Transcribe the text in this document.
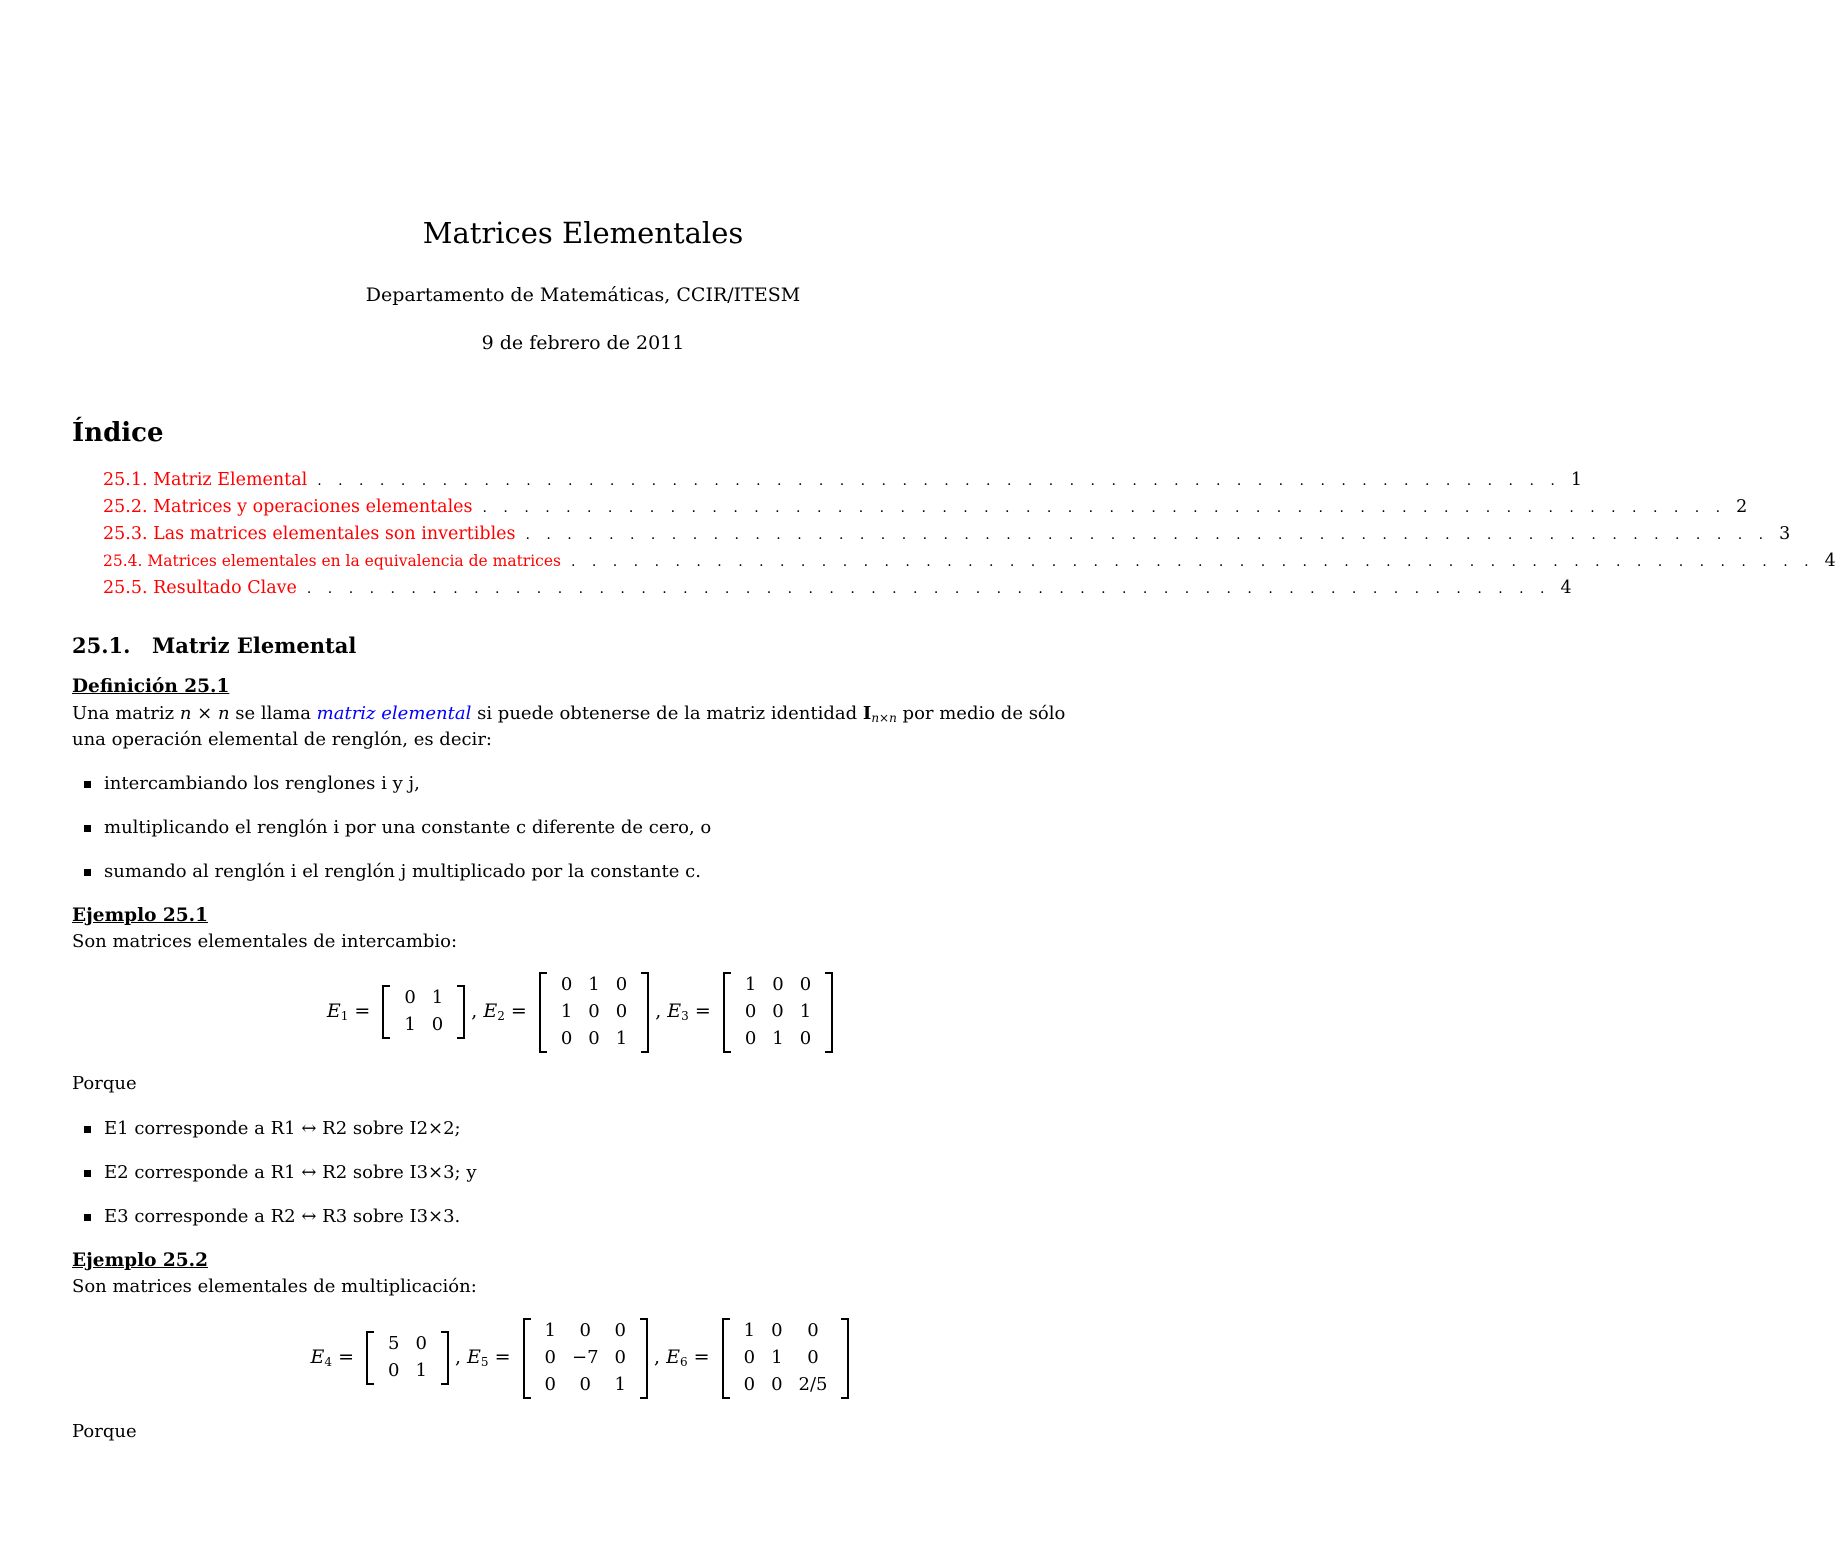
Matrices Elementales
Departamento de Matemáticas, CCIR/ITESM
9 de febrero de 2011
Índice
25.1. Matriz Elemental . . . . . . . . . . . . . . . . . . . . . . . . . . . . . . . . . . . . . . . . . . . . . . . . . . . . . . . . . . . . 1
25.2. Matrices y operaciones elementales . . . . . . . . . . . . . . . . . . . . . . . . . . . . . . . . . . . . . . . . . . . . . . . . . . . . . . . . . . . . 2
25.3. Las matrices elementales son invertibles . . . . . . . . . . . . . . . . . . . . . . . . . . . . . . . . . . . . . . . . . . . . . . . . . . . . . . . . . . . . 3
25.4. Matrices elementales en la equivalencia de matrices . . . . . . . . . . . . . . . . . . . . . . . . . . . . . . . . . . . . . . . . . . . . . . . . . . . . . . . . . . . . 4
25.5. Resultado Clave . . . . . . . . . . . . . . . . . . . . . . . . . . . . . . . . . . . . . . . . . . . . . . . . . . . . . . . . . . . . 4
25.1. Matriz Elemental
Definición 25.1
Una matriz n × n se llama matriz elemental si puede obtenerse de la matriz identidad $I_{n\times n}$ por medio de sólo
una operación elemental de renglón, es decir:
intercambiando los renglones i y j,
multiplicando el renglón i por una constante c diferente de cero, o
sumando al renglón i el renglón j multiplicado por la constante c.
Ejemplo 25.1
Son matrices elementales de intercambio:
$E_1$ =
0	1
1	0
, $E_2$ =
0	1	0
1	0	0
0	0	1
, $E_3$ =
1	0	0
0	0	1
0	1	0
Porque
E1 corresponde a R1 ↔ R2 sobre I2×2;
E2 corresponde a R1 ↔ R2 sobre I3×3; y
E3 corresponde a R2 ↔ R3 sobre I3×3.
Ejemplo 25.2
Son matrices elementales de multiplicación:
$E_4$ =
5	0
0	1
, $E_5$ =
1	0	0
0	−7	0
0	0	1
, $E_6$ =
1	0	0
0	1	0
0	0	2/5
Porque
